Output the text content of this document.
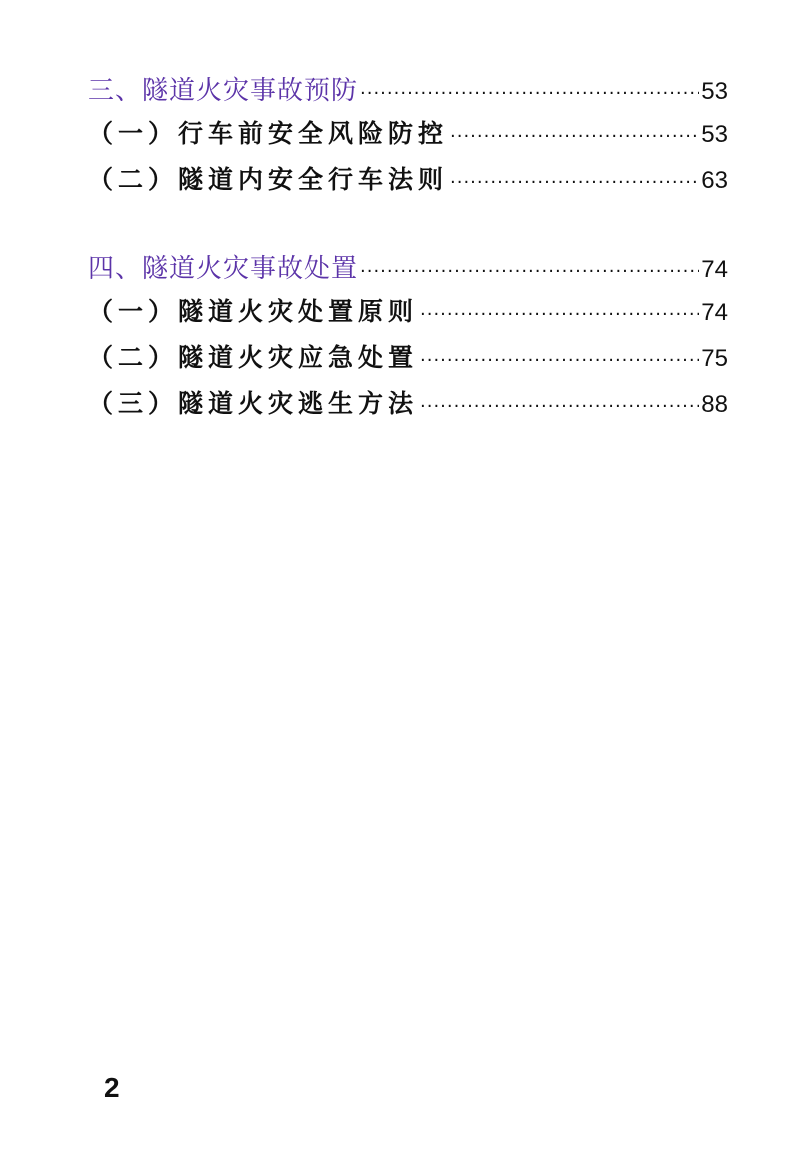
三、隧道火灾事故预防 ·····	53
（一）行车前安全风险防控 ·····	53
（二）隧道内安全行车法则 ·····	63
四、隧道火灾事故处置 ·····	74
（一）隧道火灾处置原则 ·····	74
（二）隧道火灾应急处置 ·····	75
（三）隧道火灾逃生方法 ·····	88
2
